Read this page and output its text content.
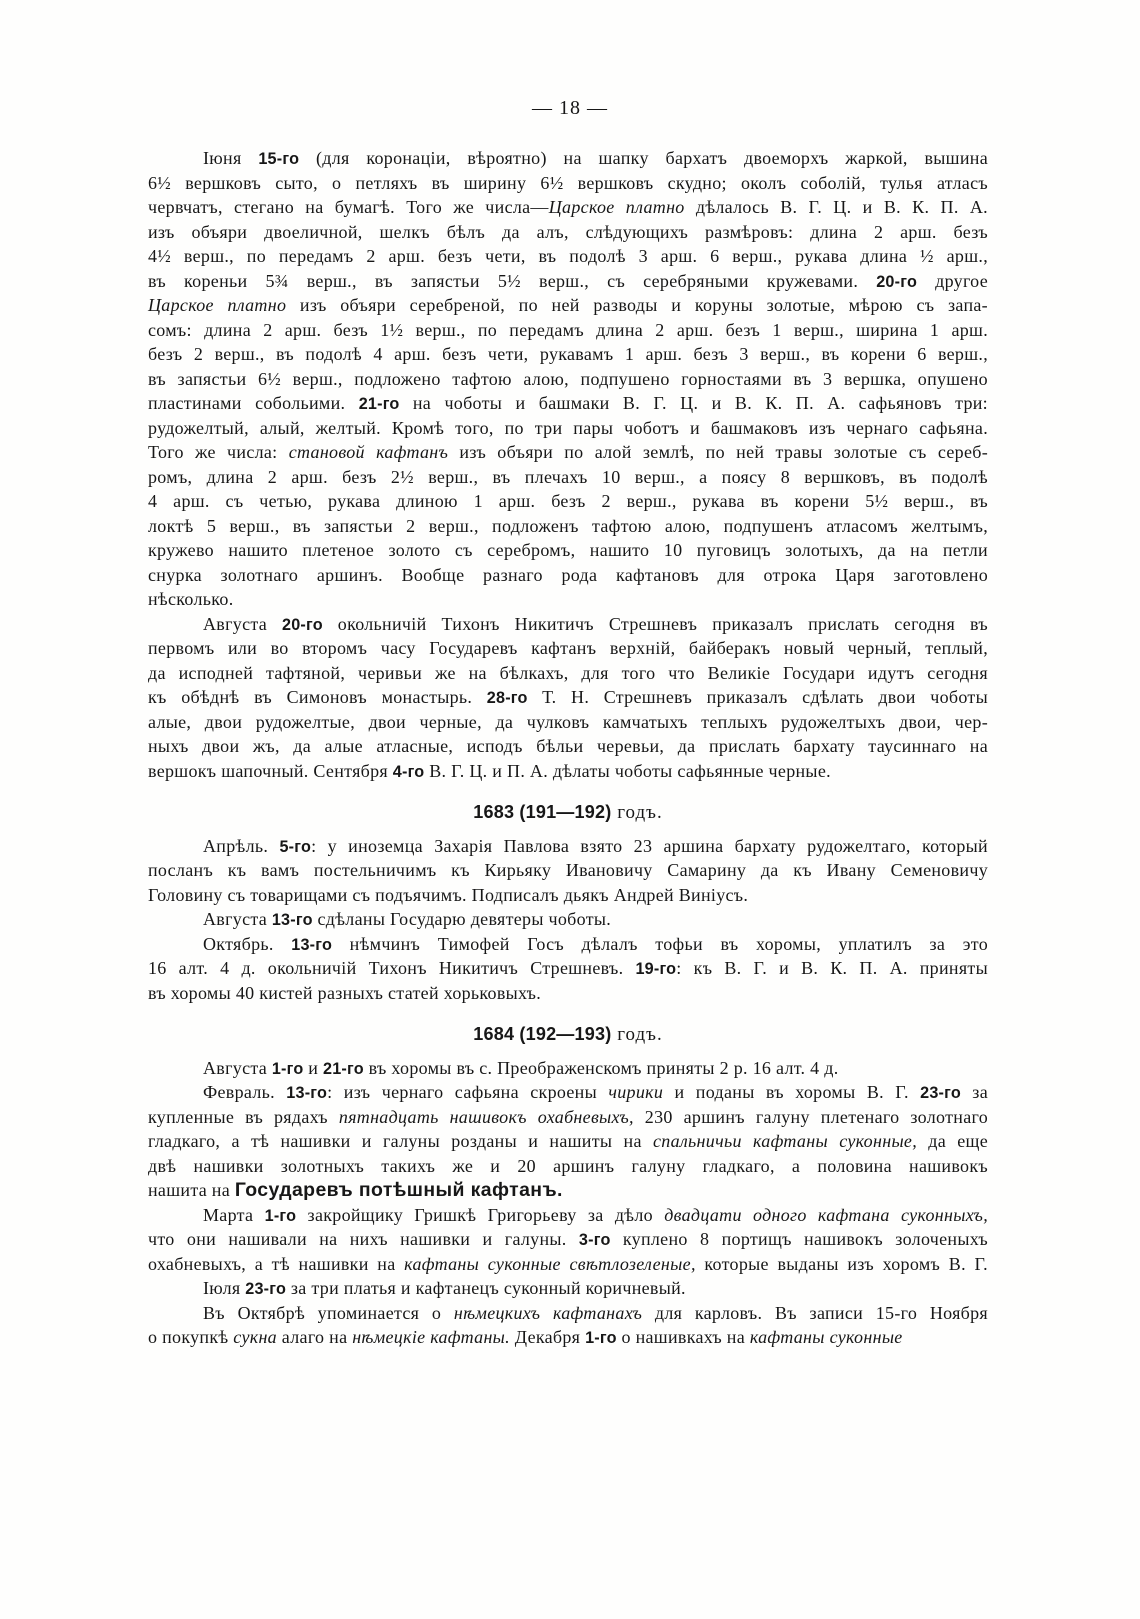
— 18 —
Іюня 15-го (для коронаціи, вѣроятно) на шапку бархатъ двоеморхъ жаркой, вышина
6½ вершковъ сыто, о петляхъ въ ширину 6½ вершковъ скудно; околъ соболій, тулья атласъ
червчатъ, стегано на бумагѣ. Того же числа—Царское платно дѣлалось В. Г. Ц. и В. К. П. А.
изъ объяри двоеличной, шелкъ бѣлъ да алъ, слѣдующихъ размѣровъ: длина 2 арш. безъ
4½ верш., по передамъ 2 арш. безъ чети, въ подолѣ 3 арш. 6 верш., рукава длина ½ арш.,
въ кореньи 5¾ верш., въ запястьи 5½ верш., съ серебряными кружевами. 20-го другое
Царское платно изъ объяри серебреной, по ней разводы и коруны золотые, мѣрою съ запа-
сомъ: длина 2 арш. безъ 1½ верш., по передамъ длина 2 арш. безъ 1 верш., ширина 1 арш.
безъ 2 верш., въ подолѣ 4 арш. безъ чети, рукавамъ 1 арш. безъ 3 верш., въ корени 6 верш.,
въ запястьи 6½ верш., подложено тафтою алою, подпушено горностаями въ 3 вершка, опушено
пластинами собольими. 21-го на чоботы и башмаки В. Г. Ц. и В. К. П. А. сафьяновъ три:
рудожелтый, алый, желтый. Кромѣ того, по три пары чоботъ и башмаковъ изъ чернаго сафьяна.
Того же числа: становой кафтанъ изъ объяри по алой землѣ, по ней травы золотые съ сереб-
ромъ, длина 2 арш. безъ 2½ верш., въ плечахъ 10 верш., а поясу 8 вершковъ, въ подолѣ
4 арш. съ четью, рукава длиною 1 арш. безъ 2 верш., рукава въ корени 5½ верш., въ
локтѣ 5 верш., въ запястьи 2 верш., подложенъ тафтою алою, подпушенъ атласомъ желтымъ,
кружево нашито плетеное золото съ серебромъ, нашито 10 пуговицъ золотыхъ, да на петли
снурка золотнаго аршинъ. Вообще разнаго рода кафтановъ для отрока Царя заготовлено
нѣсколько.
Августа 20-го окольничій Тихонъ Никитичъ Стрешневъ приказалъ прислать сегодня въ
первомъ или во второмъ часу Государевъ кафтанъ верхній, байберакъ новый черный, теплый,
да исподней тафтяной, черивьи же на бѣлкахъ, для того что Великіе Государи идутъ сегодня
къ обѣднѣ въ Симоновъ монастырь. 28-го Т. Н. Стрешневъ приказалъ сдѣлать двои чоботы
алые, двои рудожелтые, двои черные, да чулковъ камчатыхъ теплыхъ рудожелтыхъ двои, чер-
ныхъ двои жъ, да алые атласные, исподъ бѣльи черевьи, да прислать бархату таусиннаго на
вершокъ шапочный. Сентября 4-го В. Г. Ц. и П. А. дѣлаты чоботы сафьянные черные.
1683 (191—192) годъ.
Апрѣль. 5-го: у иноземца Захарія Павлова взято 23 аршина бархату рудожелтаго, который
посланъ къ вамъ постельничимъ къ Кирьяку Ивановичу Самарину да къ Ивану Семеновичу
Головину съ товарищами съ подъячимъ. Подписалъ дьякъ Андрей Виніусъ.
Августа 13-го сдѣланы Государю девятеры чоботы.
Октябрь. 13-го нѣмчинъ Тимофей Госъ дѣлалъ тофьи въ хоромы, уплатилъ за это
16 алт. 4 д. окольничій Тихонъ Никитичъ Стрешневъ. 19-го: къ В. Г. и В. К. П. А. приняты
въ хоромы 40 кистей разныхъ статей хорьковыхъ.
1684 (192—193) годъ.
Августа 1-го и 21-го въ хоромы въ с. Преображенскомъ приняты 2 р. 16 алт. 4 д.
Февраль. 13-го: изъ чернаго сафьяна скроены чирики и поданы въ хоромы В. Г. 23-го за
купленные въ рядахъ пятнадцать нашивокъ охабневыхъ, 230 аршинъ галуну плетенаго золотнаго
гладкаго, а тѣ нашивки и галуны розданы и нашиты на спальничьи кафтаны суконные, да еще
двѣ нашивки золотныхъ такихъ же и 20 аршинъ галуну гладкаго, а половина нашивокъ
нашита на Государевъ потѣшный кафтанъ.
Марта 1-го закройщику Гришкѣ Григорьеву за дѣло двадцати одного кафтана суконныхъ,
что они нашивали на нихъ нашивки и галуны. 3-го куплено 8 портищъ нашивокъ золоченыхъ
охабневыхъ, а тѣ нашивки на кафтаны суконные свѣтлозеленые, которые выданы изъ хоромъ В. Г.
Іюля 23-го за три платья и кафтанецъ суконный коричневый.
Въ Октябрѣ упоминается о нѣмецкихъ кафтанахъ для карловъ. Въ записи 15-го Ноября
о покупкѣ сукна алаго на нѣмецкіе кафтаны. Декабря 1-го о нашивкахъ на кафтаны суконные
